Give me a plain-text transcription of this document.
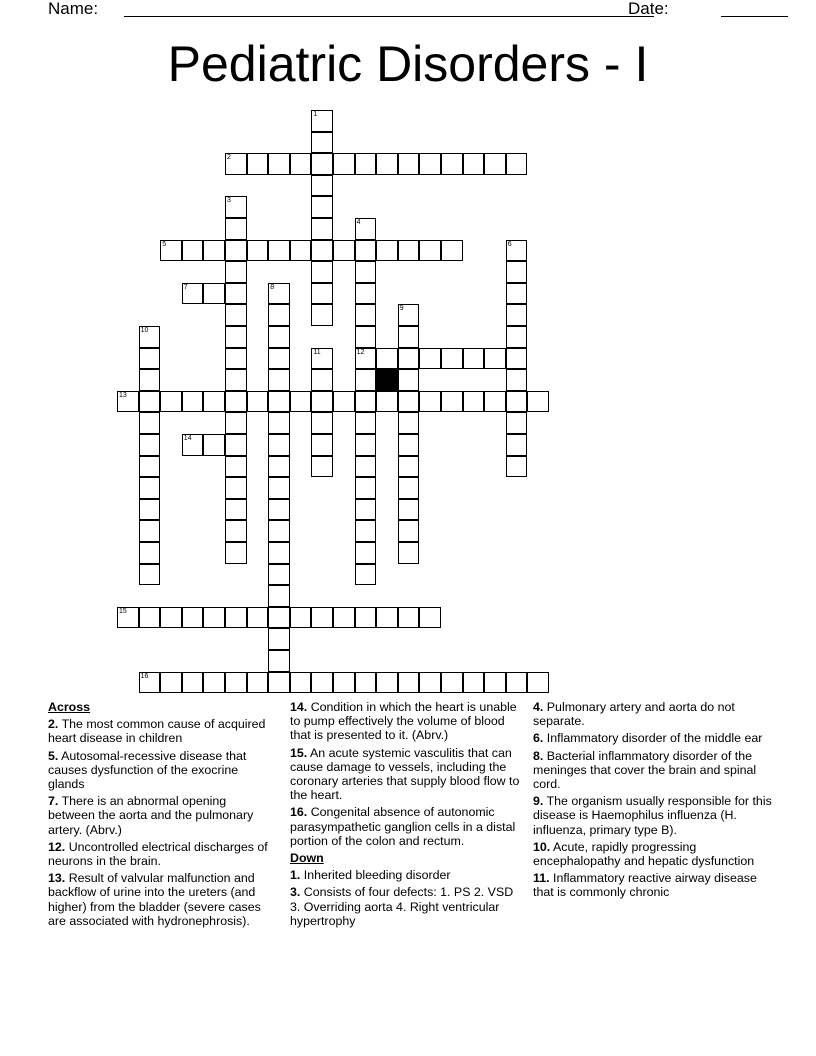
Name:	Date:
Pediatric Disorders - I
1
2
3
4
12
5	6
7	8
9
10
11
13
14
15
16
Across
2. The most common cause of acquired heart disease in children
5. Autosomal-recessive disease that causes dysfunction of the exocrine glands
7. There is an abnormal opening between the aorta and the pulmonary artery. (Abrv.)
12. Uncontrolled electrical discharges of neurons in the brain.
13. Result of valvular malfunction and backflow of urine into the ureters (and higher) from the bladder (severe cases are associated with hydronephrosis).
14. Condition in which the heart is unable to pump effectively the volume of blood that is presented to it. (Abrv.)
15. An acute systemic vasculitis that can cause damage to vessels, including the coronary arteries that supply blood flow to the heart.
16. Congenital absence of autonomic parasympathetic ganglion cells in a distal portion of the colon and rectum.
Down
1. Inherited bleeding disorder
3. Consists of four defects: 1. PS 2. VSD 3. Overriding aorta 4. Right ventricular hypertrophy
4. Pulmonary artery and aorta do not separate.
6. Inflammatory disorder of the middle ear
8. Bacterial inflammatory disorder of the meninges that cover the brain and spinal cord.
9. The organism usually responsible for this disease is Haemophilus influenza (H. influenza, primary type B).
10. Acute, rapidly progressing encephalopathy and hepatic dysfunction
11. Inflammatory reactive airway disease that is commonly chronic
